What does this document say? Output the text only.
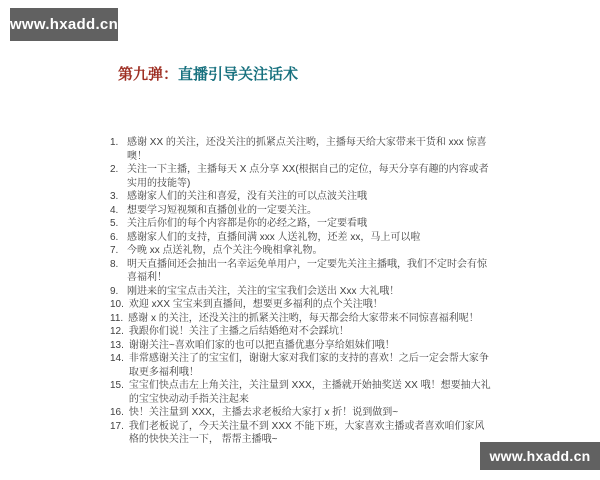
www.hxadd.cn
第九弹：直播引导关注话术
1. 感谢 XX 的关注，还没关注的抓紧点关注哟，主播每天给大家带来干货和 xxx 惊喜噢！
2. 关注一下主播，主播每天 X 点分享 XX(根据自己的定位，每天分享有趣的内容或者实用的技能等)
3. 感谢家人们的关注和喜爱，没有关注的可以点波关注哦
4. 想要学习短视频和直播创业的一定要关注。
5. 关注后你们的每个内容都是你的必经之路，一定要看哦
6. 感谢家人们的支持，直播间满 xxx 人送礼物，还差 xx，马上可以啦
7. 今晚 xx 点送礼物，点个关注今晚相拿礼物。
8. 明天直播间还会抽出一名幸运免单用户，一定要先关注主播哦，我们不定时会有惊喜福利！
9. 刚进来的宝宝点击关注，关注的宝宝我们会送出 Xxx 大礼哦！
10. 欢迎 xXX 宝宝来到直播间，想要更多福利的点个关注哦！
11. 感谢 x 的关注，还没关注的抓紧关注哟，每天都会给大家带来不同惊喜福利呢！
12. 我跟你们说！关注了主播之后结婚绝对不会踩坑！
13. 谢谢关注~喜欢咱们家的也可以把直播优惠分享给姐妹们哦！
14. 非常感谢关注了的宝宝们，谢谢大家对我们家的支持的喜欢！之后一定会帮大家争取更多福利哦！
15. 宝宝们快点击左上角关注，关注量到 XXX，主播就开始抽奖送 XX 哦！想要抽大礼的宝宝快动动手指关注起来
16. 快！关注量到 XXX，主播去求老板给大家打 x 折！说到做到~
17. 我们老板说了，今天关注量不到 XXX 不能下班，大家喜欢主播或者喜欢咱们家风格的快快关注一下， 帮帮主播哦~
www.hxadd.cn
